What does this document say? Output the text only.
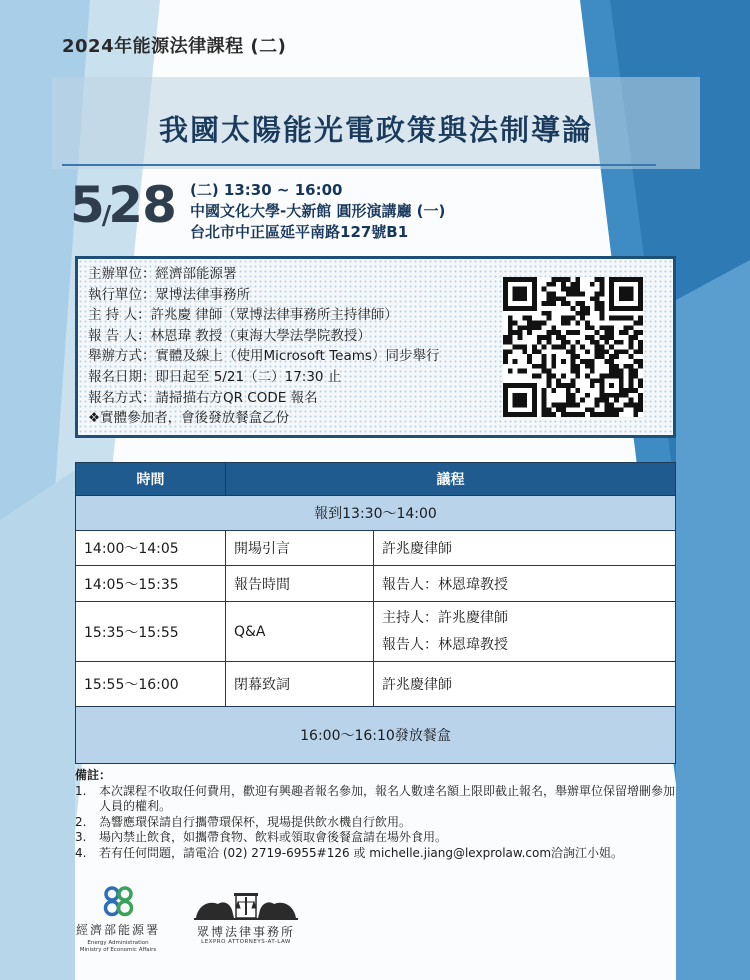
2024年能源法律課程 (二)
我國太陽能光電政策與法制導論
5/28 (二) 13:30 ~ 16:00
中國文化大學-大新館 圓形演講廳 (一)
台北市中正區延平南路127號B1
主辦單位：經濟部能源署
執行單位：眾博法律事務所
主 持 人：許兆慶 律師（眾博法律事務所主持律師）
報 告 人：林恩瑋 教授（東海大學法學院教授）
舉辦方式：實體及線上（使用Microsoft Teams）同步舉行
報名日期：即日起至 5/21（二）17:30 止
報名方式：請掃描右方QR CODE 報名
❖實體參加者，會後發放餐盒乙份
時間	議程	
報到13:30～14:00		
14:00～14:05	開場引言	許兆慶律師
14:05～15:35	報告時間	報告人：林恩瑋教授
15:35～15:55	Q&A	主持人：許兆慶律師
報告人：林恩瑋教授

15:55～16:00	閉幕致詞	許兆慶律師
16:00～16:10發放餐盒		
備註：
1.	本次課程不收取任何費用，歡迎有興趣者報名參加，報名人數達名額上限即截止報名，舉辦單位保留增刪參加人員的權利。
2.	為響應環保請自行攜帶環保杯，現場提供飲水機自行飲用。
3.	場內禁止飲食，如攜帶食物、飲料或領取會後餐盒請在場外食用。
4.	若有任何問題，請電洽 (02) 2719-6955#126 或 michelle.jiang@lexprolaw.com洽詢江小姐。
經濟部能源署
Energy Administration
Ministry of Economic Affairs
眾博法律事務所
LEXPRO ATTORNEYS-AT-LAW
